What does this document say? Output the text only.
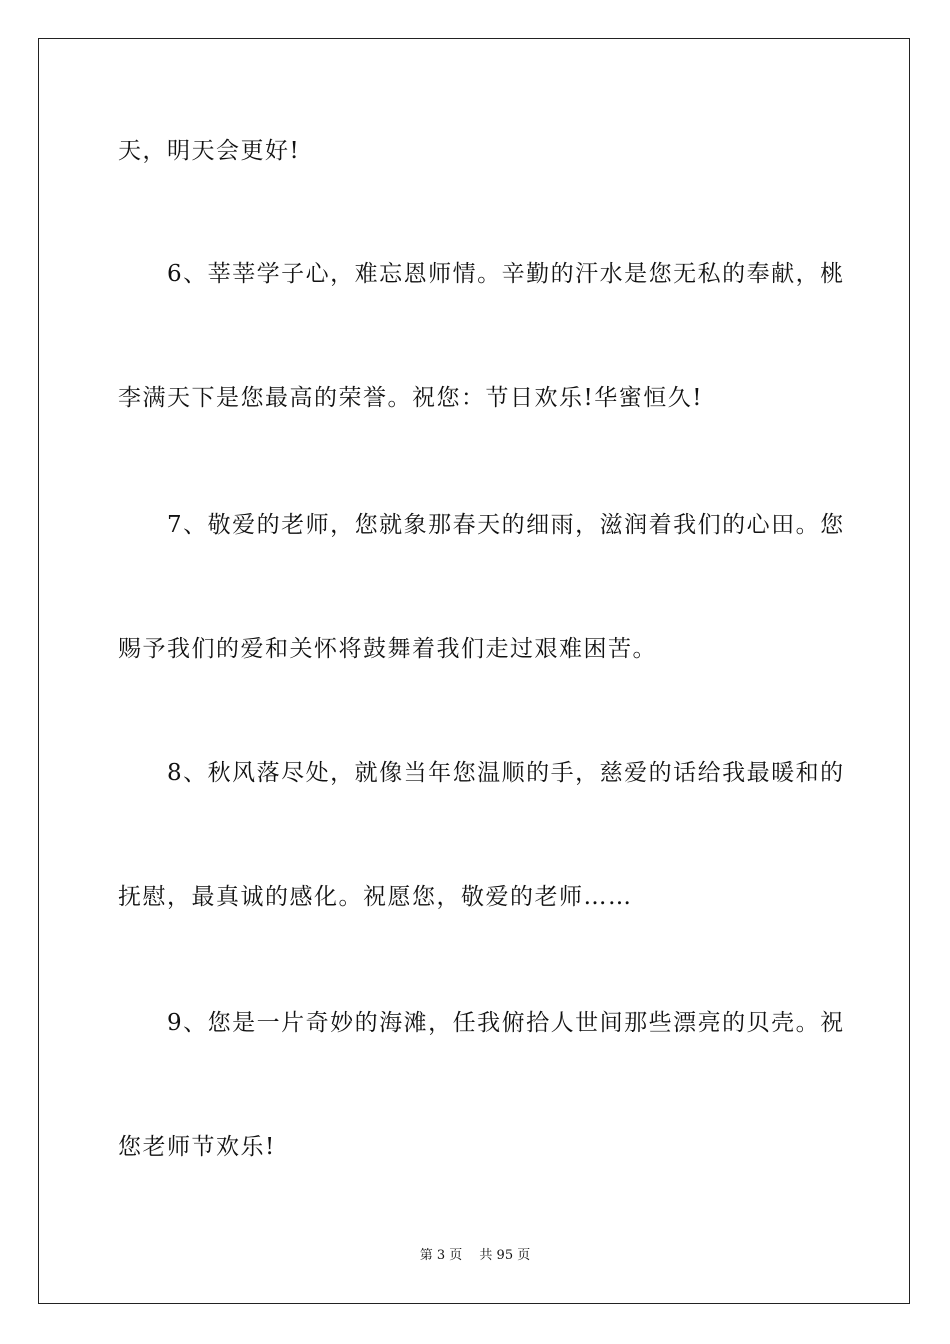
天，明天会更好!
　　6、莘莘学子心，难忘恩师情。辛勤的汗水是您无私的奉献，桃
李满天下是您最高的荣誉。祝您：节日欢乐!华蜜恒久!
　　7、敬爱的老师，您就象那春天的细雨，滋润着我们的心田。您
赐予我们的爱和关怀将鼓舞着我们走过艰难困苦。
　　8、秋风落尽处，就像当年您温顺的手，慈爱的话给我最暖和的
抚慰，最真诚的感化。祝愿您，敬爱的老师……
　　9、您是一片奇妙的海滩，任我俯拾人世间那些漂亮的贝壳。祝
您老师节欢乐!
第 3 页　 共 95 页
